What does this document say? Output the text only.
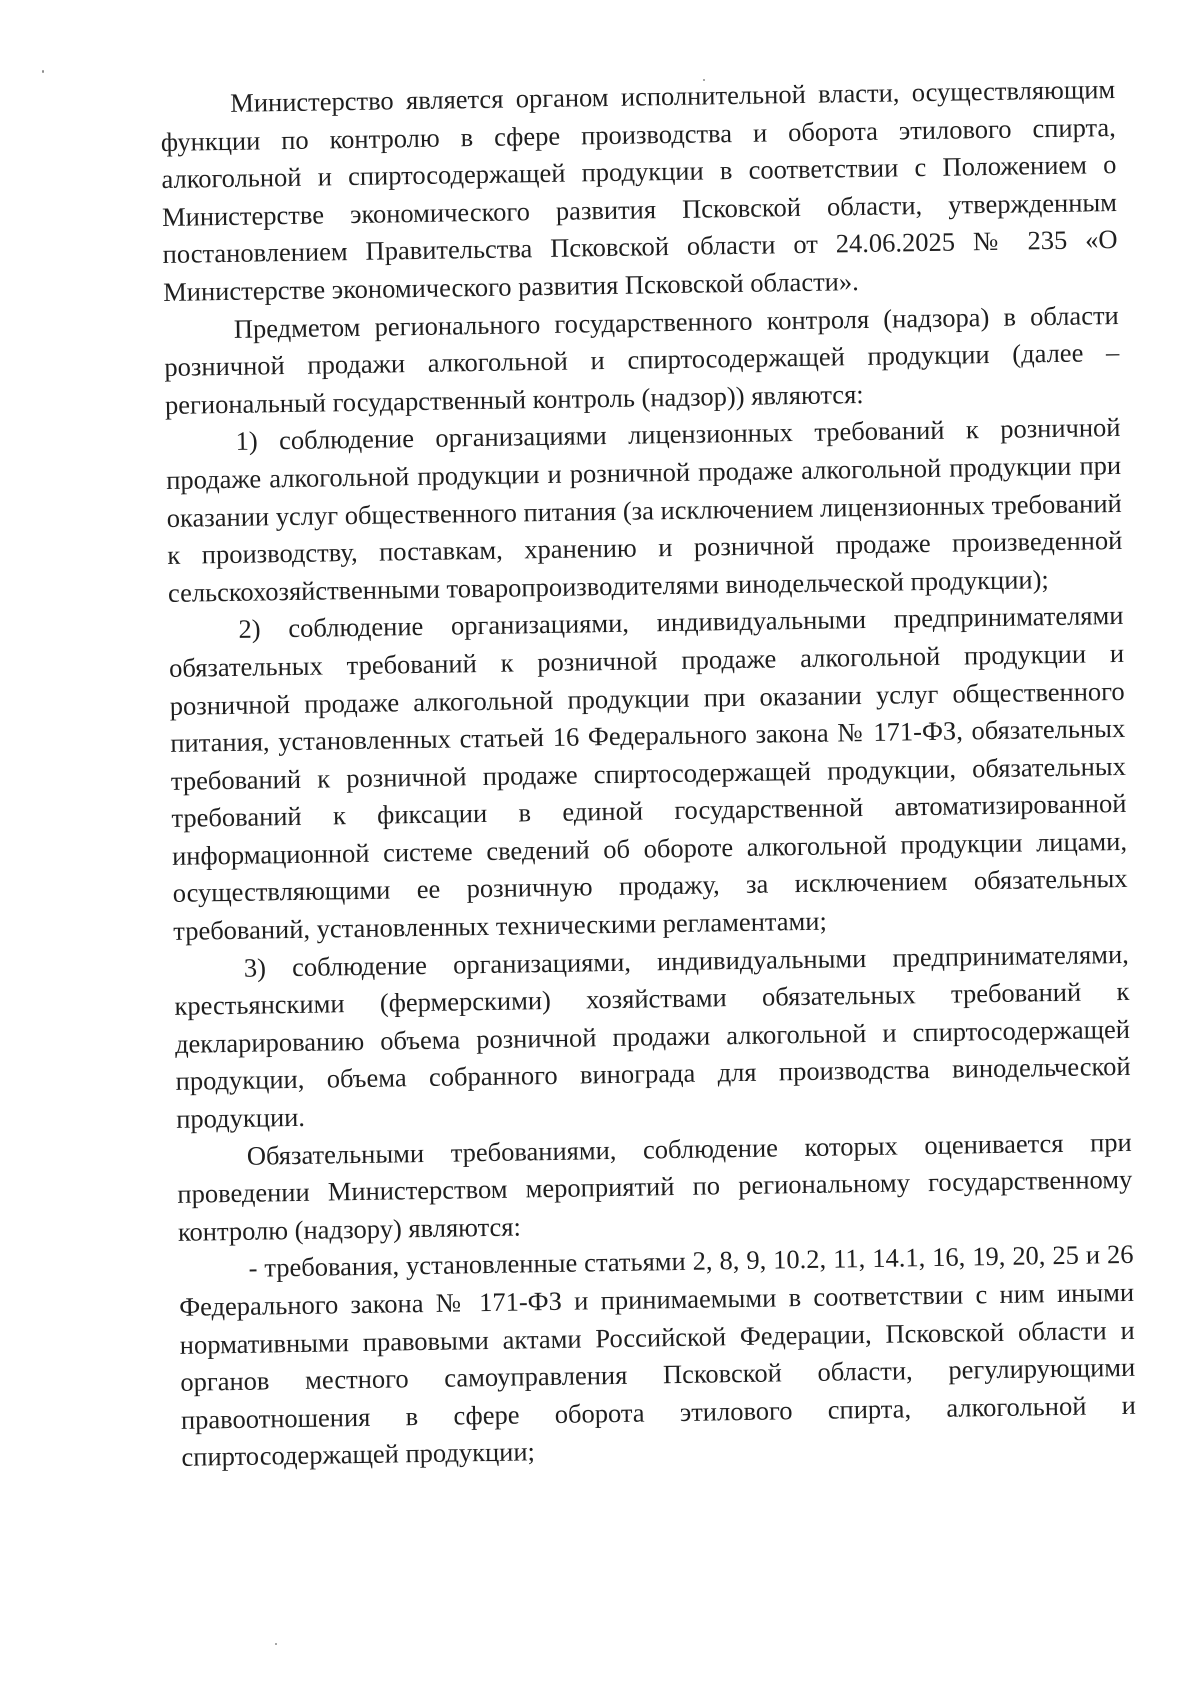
Министерство является органом исполнительной власти, осуществляющим функции по контролю в сфере производства и оборота этилового спирта, алкогольной и спиртосодержащей продукции в соответствии с Положением о Министерстве экономического развития Псковской области, утвержденным постановлением Правительства Псковской области от 24.06.2025 № 235 «О Министерстве экономического развития Псковской области».

Предметом регионального государственного контроля (надзора) в области розничной продажи алкогольной и спиртосодержащей продукции (далее – региональный государственный контроль (надзор)) являются:

1) соблюдение организациями лицензионных требований к розничной продаже алкогольной продукции и розничной продаже алкогольной продукции при оказании услуг общественного питания (за исключением лицензионных требований к производству, поставкам, хранению и розничной продаже произведенной сельскохозяйственными товаропроизводителями винодельческой продукции);

2) соблюдение организациями, индивидуальными предпринимателями обязательных требований к розничной продаже алкогольной продукции и розничной продаже алкогольной продукции при оказании услуг общественного питания, установленных статьей 16 Федерального закона № 171-ФЗ, обязательных требований к розничной продаже спиртосодержащей продукции, обязательных требований к фиксации в единой государственной автоматизированной информационной системе сведений об обороте алкогольной продукции лицами, осуществляющими ее розничную продажу, за исключением обязательных требований, установленных техническими регламентами;

3) соблюдение организациями, индивидуальными предпринимателями, крестьянскими (фермерскими) хозяйствами обязательных требований к декларированию объема розничной продажи алкогольной и спиртосодержащей продукции, объема собранного винограда для производства винодельческой продукции.

Обязательными требованиями, соблюдение которых оценивается при проведении Министерством мероприятий по региональному государственному контролю (надзору) являются:

- требования, установленные статьями 2, 8, 9, 10.2, 11, 14.1, 16, 19, 20, 25 и 26 Федерального закона № 171-ФЗ и принимаемыми в соответствии с ним иными нормативными правовыми актами Российской Федерации, Псковской области и органов местного самоуправления Псковской области, регулирующими правоотношения в сфере оборота этилового спирта, алкогольной и спиртосодержащей продукции;
